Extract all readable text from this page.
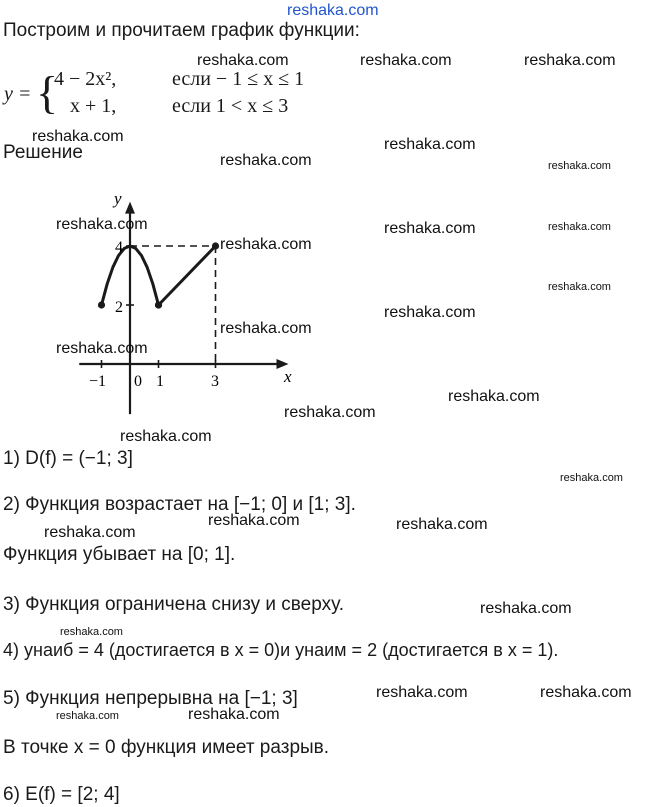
reshaka.com
Построим и прочитаем график функции:
y = {
4 − 2x²,	если − 1 ≤ x ≤ 1
x + 1,	если 1 < x ≤ 3
Решение
y
x
4
2
−1 0 1	3
1) D(f) = (−1; 3]
2) Функция возрастает на [−1; 0] и [1; 3].
Функция убывает на [0; 1].
3) Функция ограничена снизу и сверху.
4) yнаиб = 4 (достигается в x = 0)и yнаим = 2 (достигается в x = 1).
5) Функция непрерывна на [−1; 3]
В точке x = 0 функция имеет разрыв.
6) E(f) = [2; 4]
reshaka.com	reshaka.com	reshaka.com
reshaka.com	reshaka.com
reshaka.com	reshaka.com
reshaka.com	reshaka.com	reshaka.com
reshaka.com
reshaka.com
reshaka.com
reshaka.com
reshaka.com
reshaka.com
reshaka.com
reshaka.com
reshaka.com
reshaka.com	reshaka.com
reshaka.com
reshaka.com
reshaka.com
reshaka.com	reshaka.com
reshaka.com	reshaka.com
